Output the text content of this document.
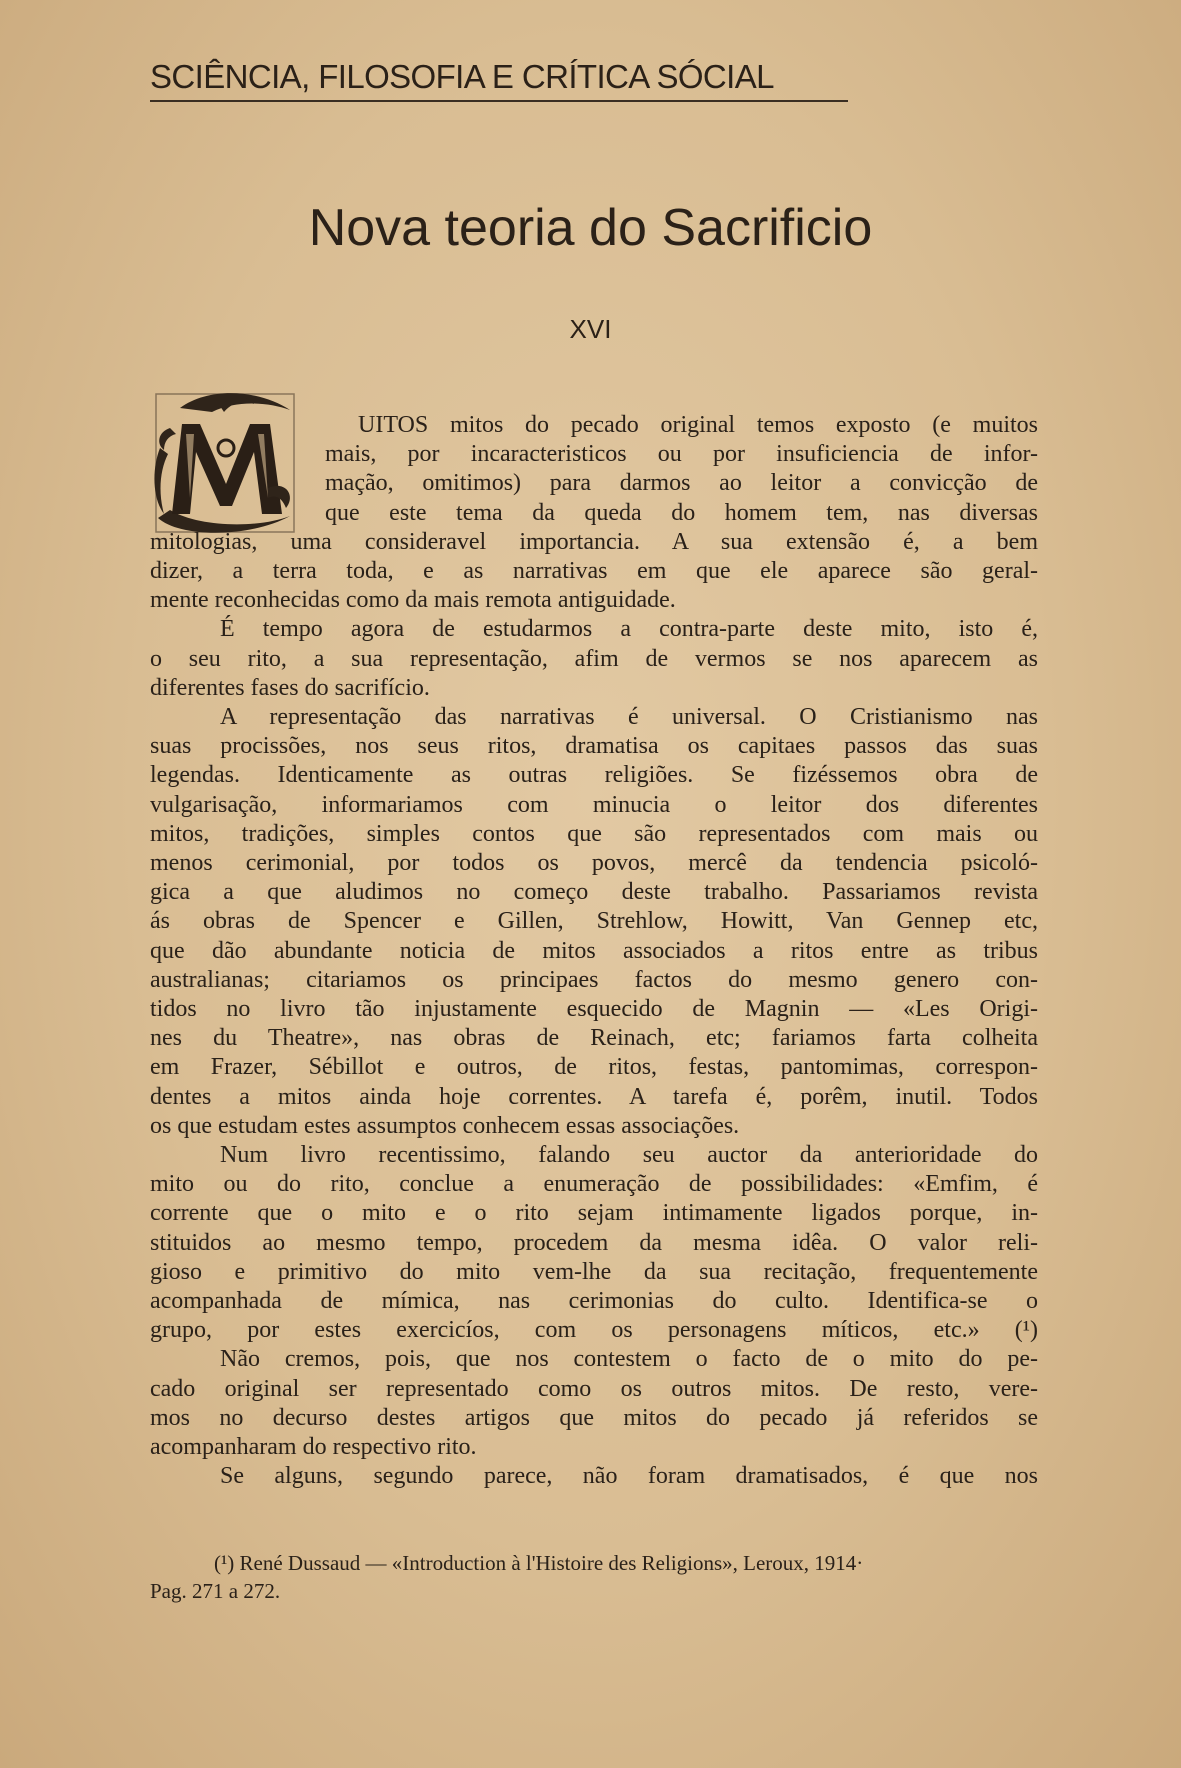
SCIÊNCIA, FILOSOFIA E CRÍTICA SÓCIAL
Nova teoria do Sacrificio
XVI
UITOS mitos do pecado original temos exposto (e muitos
mais, por incaracteristicos ou por insuficiencia de infor-
mação, omitimos) para darmos ao leitor a convicção de
que este tema da queda do homem tem, nas diversas
mitologias, uma consideravel importancia. A sua extensão é, a bem
dizer, a terra toda, e as narrativas em que ele aparece são geral-
mente reconhecidas como da mais remota antiguidade.
É tempo agora de estudarmos a contra-parte deste mito, isto é,
o seu rito, a sua representação, afim de vermos se nos aparecem as
diferentes fases do sacrifício.
A representação das narrativas é universal. O Cristianismo nas
suas procissões, nos seus ritos, dramatisa os capitaes passos das suas
legendas. Identicamente as outras religiões. Se fizéssemos obra de
vulgarisação, informariamos com minucia o leitor dos diferentes
mitos, tradições, simples contos que são representados com mais ou
menos cerimonial, por todos os povos, mercê da tendencia psicoló-
gica a que aludimos no começo deste trabalho. Passariamos revista
ás obras de Spencer e Gillen, Strehlow, Howitt, Van Gennep etc,
que dão abundante noticia de mitos associados a ritos entre as tribus
australianas; citariamos os principaes factos do mesmo genero con-
tidos no livro tão injustamente esquecido de Magnin — «Les Origi-
nes du Theatre», nas obras de Reinach, etc; fariamos farta colheita
em Frazer, Sébillot e outros, de ritos, festas, pantomimas, correspon-
dentes a mitos ainda hoje correntes. A tarefa é, porêm, inutil. Todos
os que estudam estes assumptos conhecem essas associações.
Num livro recentissimo, falando seu auctor da anterioridade do
mito ou do rito, conclue a enumeração de possibilidades: «Emfim, é
corrente que o mito e o rito sejam intimamente ligados porque, in-
stituidos ao mesmo tempo, procedem da mesma idêa. O valor reli-
gioso e primitivo do mito vem-lhe da sua recitação, frequentemente
acompanhada de mímica, nas cerimonias do culto. Identifica-se o
grupo, por estes exercicíos, com os personagens míticos, etc.» (¹)
Não cremos, pois, que nos contestem o facto de o mito do pe-
cado original ser representado como os outros mitos. De resto, vere-
mos no decurso destes artigos que mitos do pecado já referidos se
acompanharam do respectivo rito.
Se alguns, segundo parece, não foram dramatisados, é que nos
(¹) René Dussaud — «Introduction à l'Histoire des Religions», Leroux, 1914·
Pag. 271 a 272.
